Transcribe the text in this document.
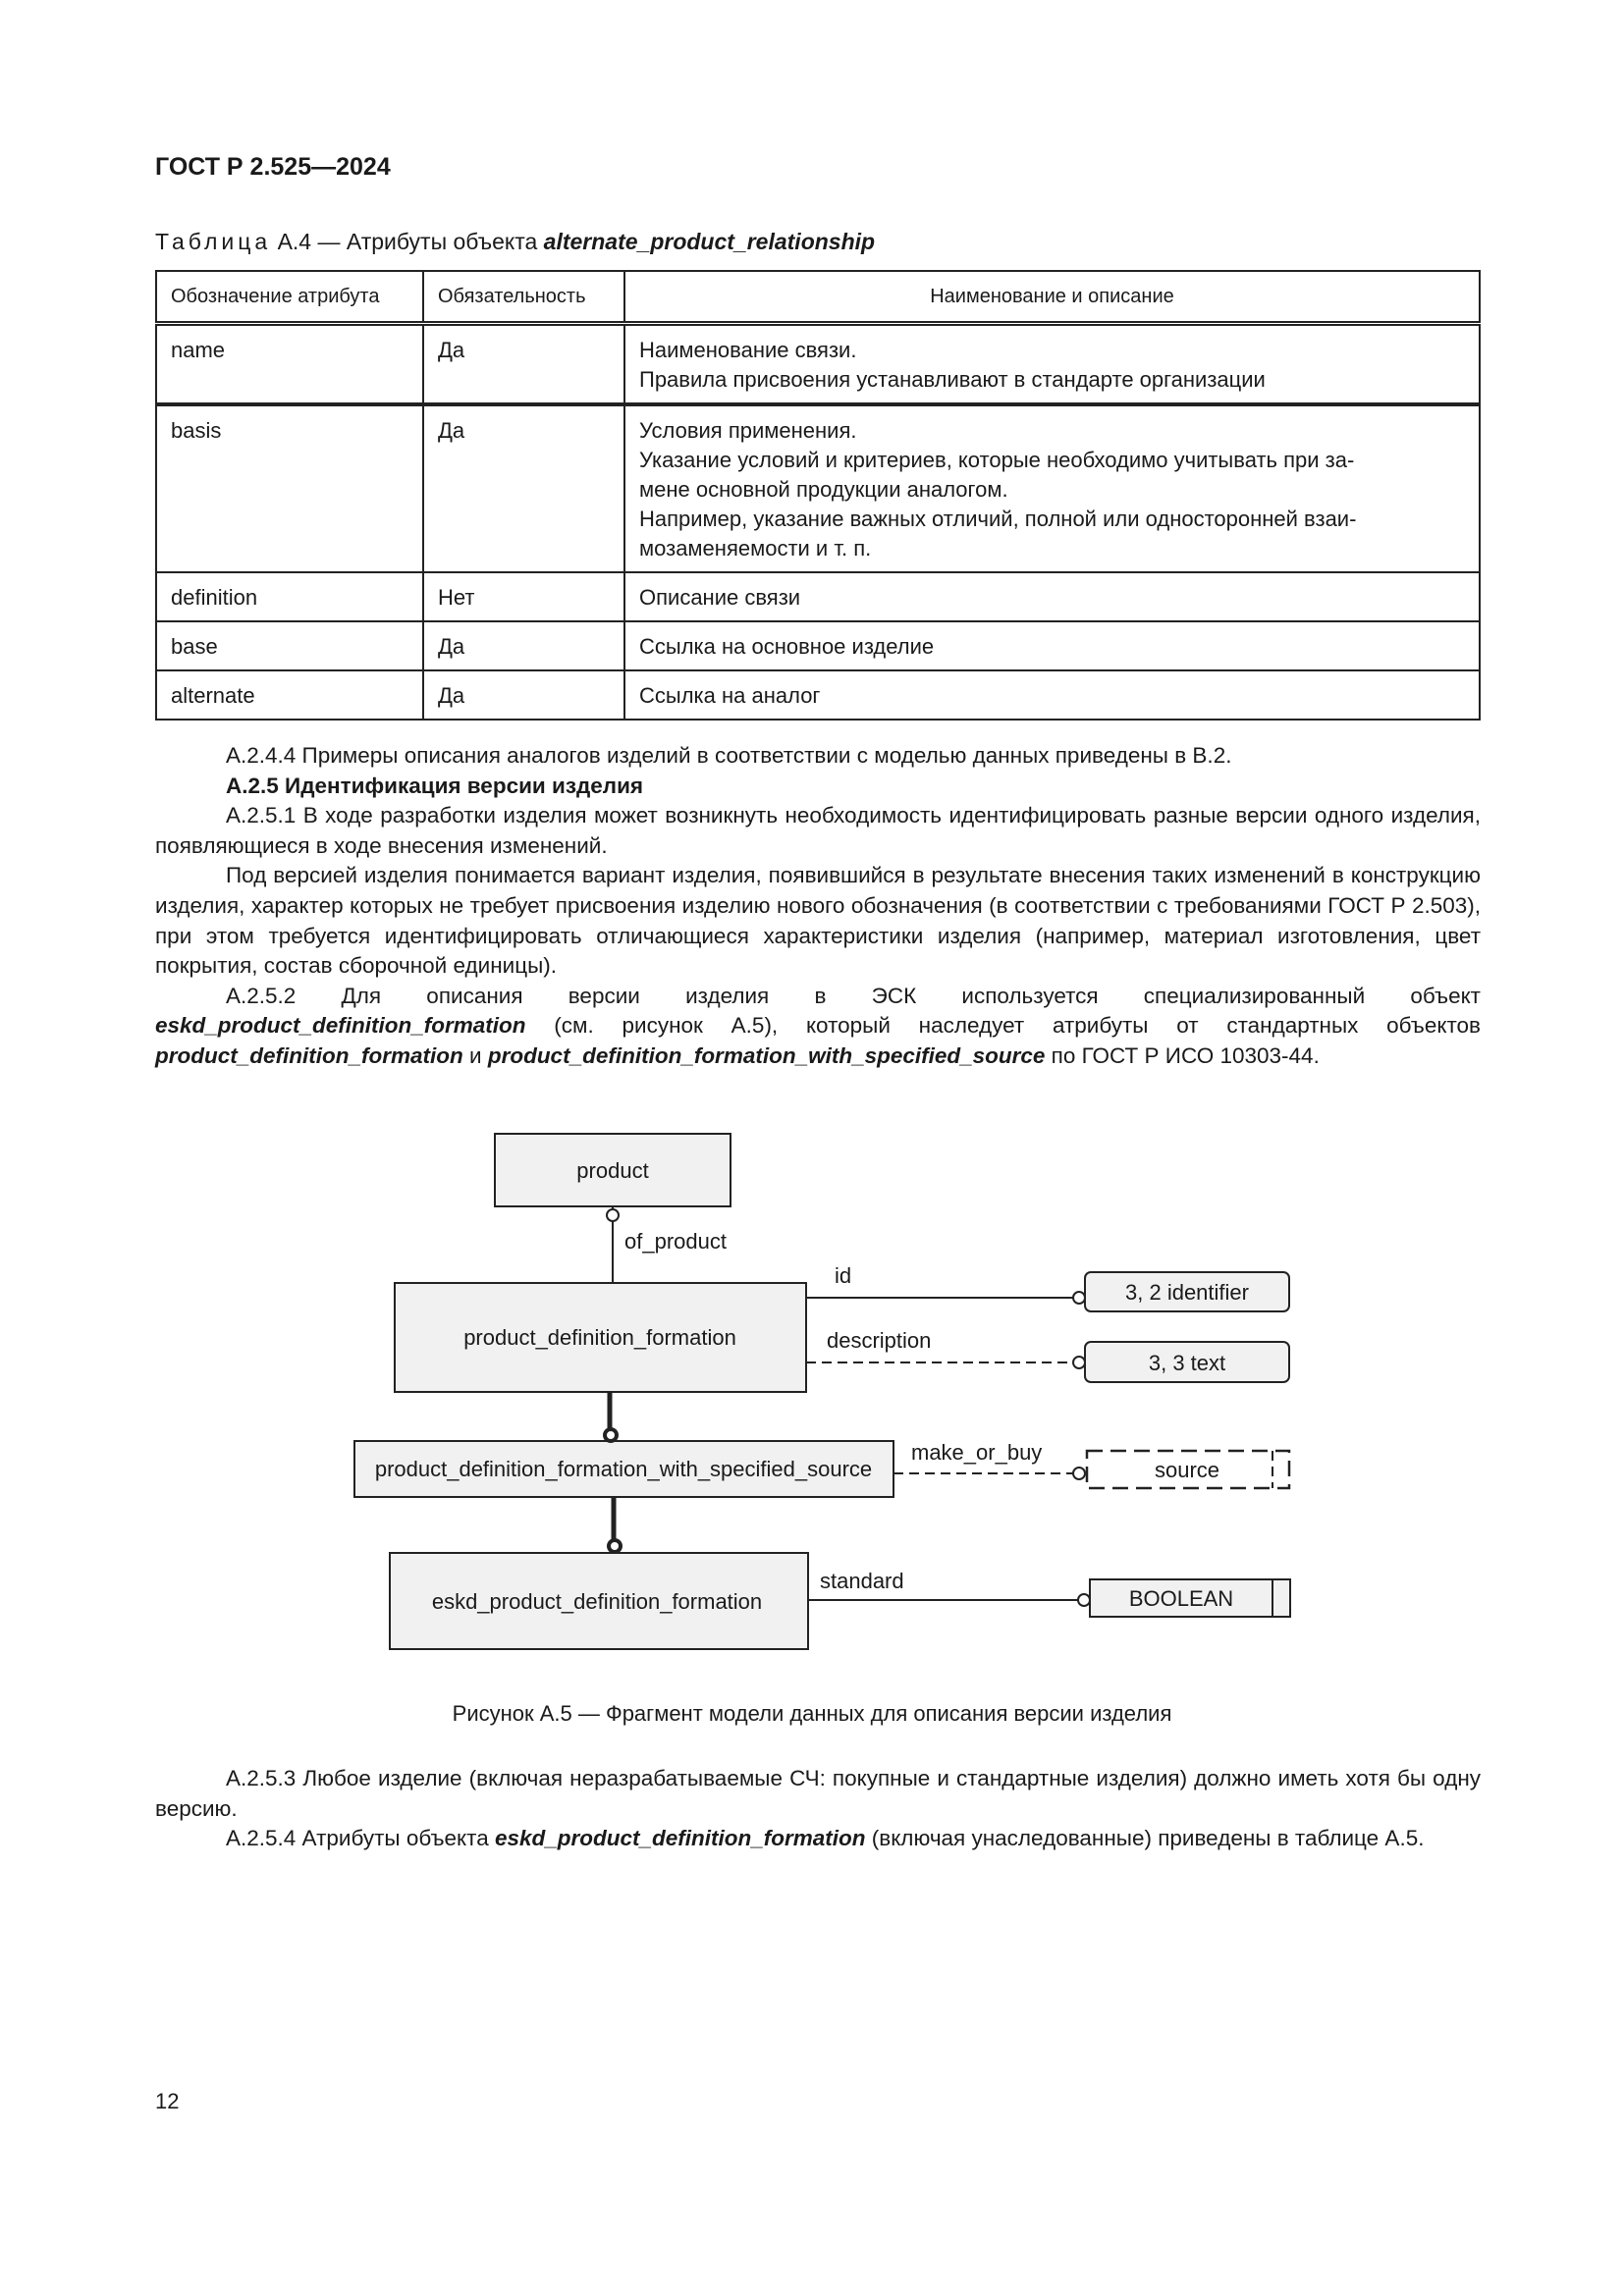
ГОСТ Р 2.525—2024
Таблица А.4 — Атрибуты объекта alternate_product_relationship
Обозначение атрибута	Обязательность	Наименование и описание
name	Да	Наименование связи.
Правила присвоения устанавливают в стандарте организации

basis	Да	Условия применения.
Указание условий и критериев, которые необходимо учитывать при за-
мене основной продукции аналогом.
Например, указание важных отличий, полной или односторонней взаи-
мозаменяемости и т. п.

definition	Нет	Описание связи
base	Да	Ссылка на основное изделие
alternate	Да	Ссылка на аналог

А.2.4.4 Примеры описания аналогов изделий в соответствии с моделью данных приведены в В.2.

А.2.5 Идентификация версии изделия

А.2.5.1 В ходе разработки изделия может возникнуть необходимость идентифицировать разные версии одного изделия, появляющиеся в ходе внесения изменений.

Под версией изделия понимается вариант изделия, появившийся в результате внесения таких изменений в конструкцию изделия, характер которых не требует присвоения изделию нового обозначения (в соответствии с требованиями ГОСТ Р 2.503), при этом требуется идентифицировать отличающиеся характеристики изделия (например, материал изготовления, цвет покрытия, состав сборочной единицы).

А.2.5.2 Для описания версии изделия в ЭСК используется специализированный объект eskd_product_definition_formation (см. рисунок А.5), который наследует атрибуты от стандартных объектов product_definition_formation и product_definition_formation_with_specified_source по ГОСТ Р ИСО 10303-44.

product
product_definition_formation
product_definition_formation_with_specified_source
eskd_product_definition_formation
3, 2 identifier
3, 3 text
source
BOOLEAN
of_product
id
description
make_or_buy
standard
Рисунок А.5 — Фрагмент модели данных для описания версии изделия

А.2.5.3 Любое изделие (включая неразрабатываемые СЧ: покупные и стандартные изделия) должно иметь хотя бы одну версию.

А.2.5.4 Атрибуты объекта eskd_product_definition_formation (включая унаследованные) приведены в таблице А.5.

12
